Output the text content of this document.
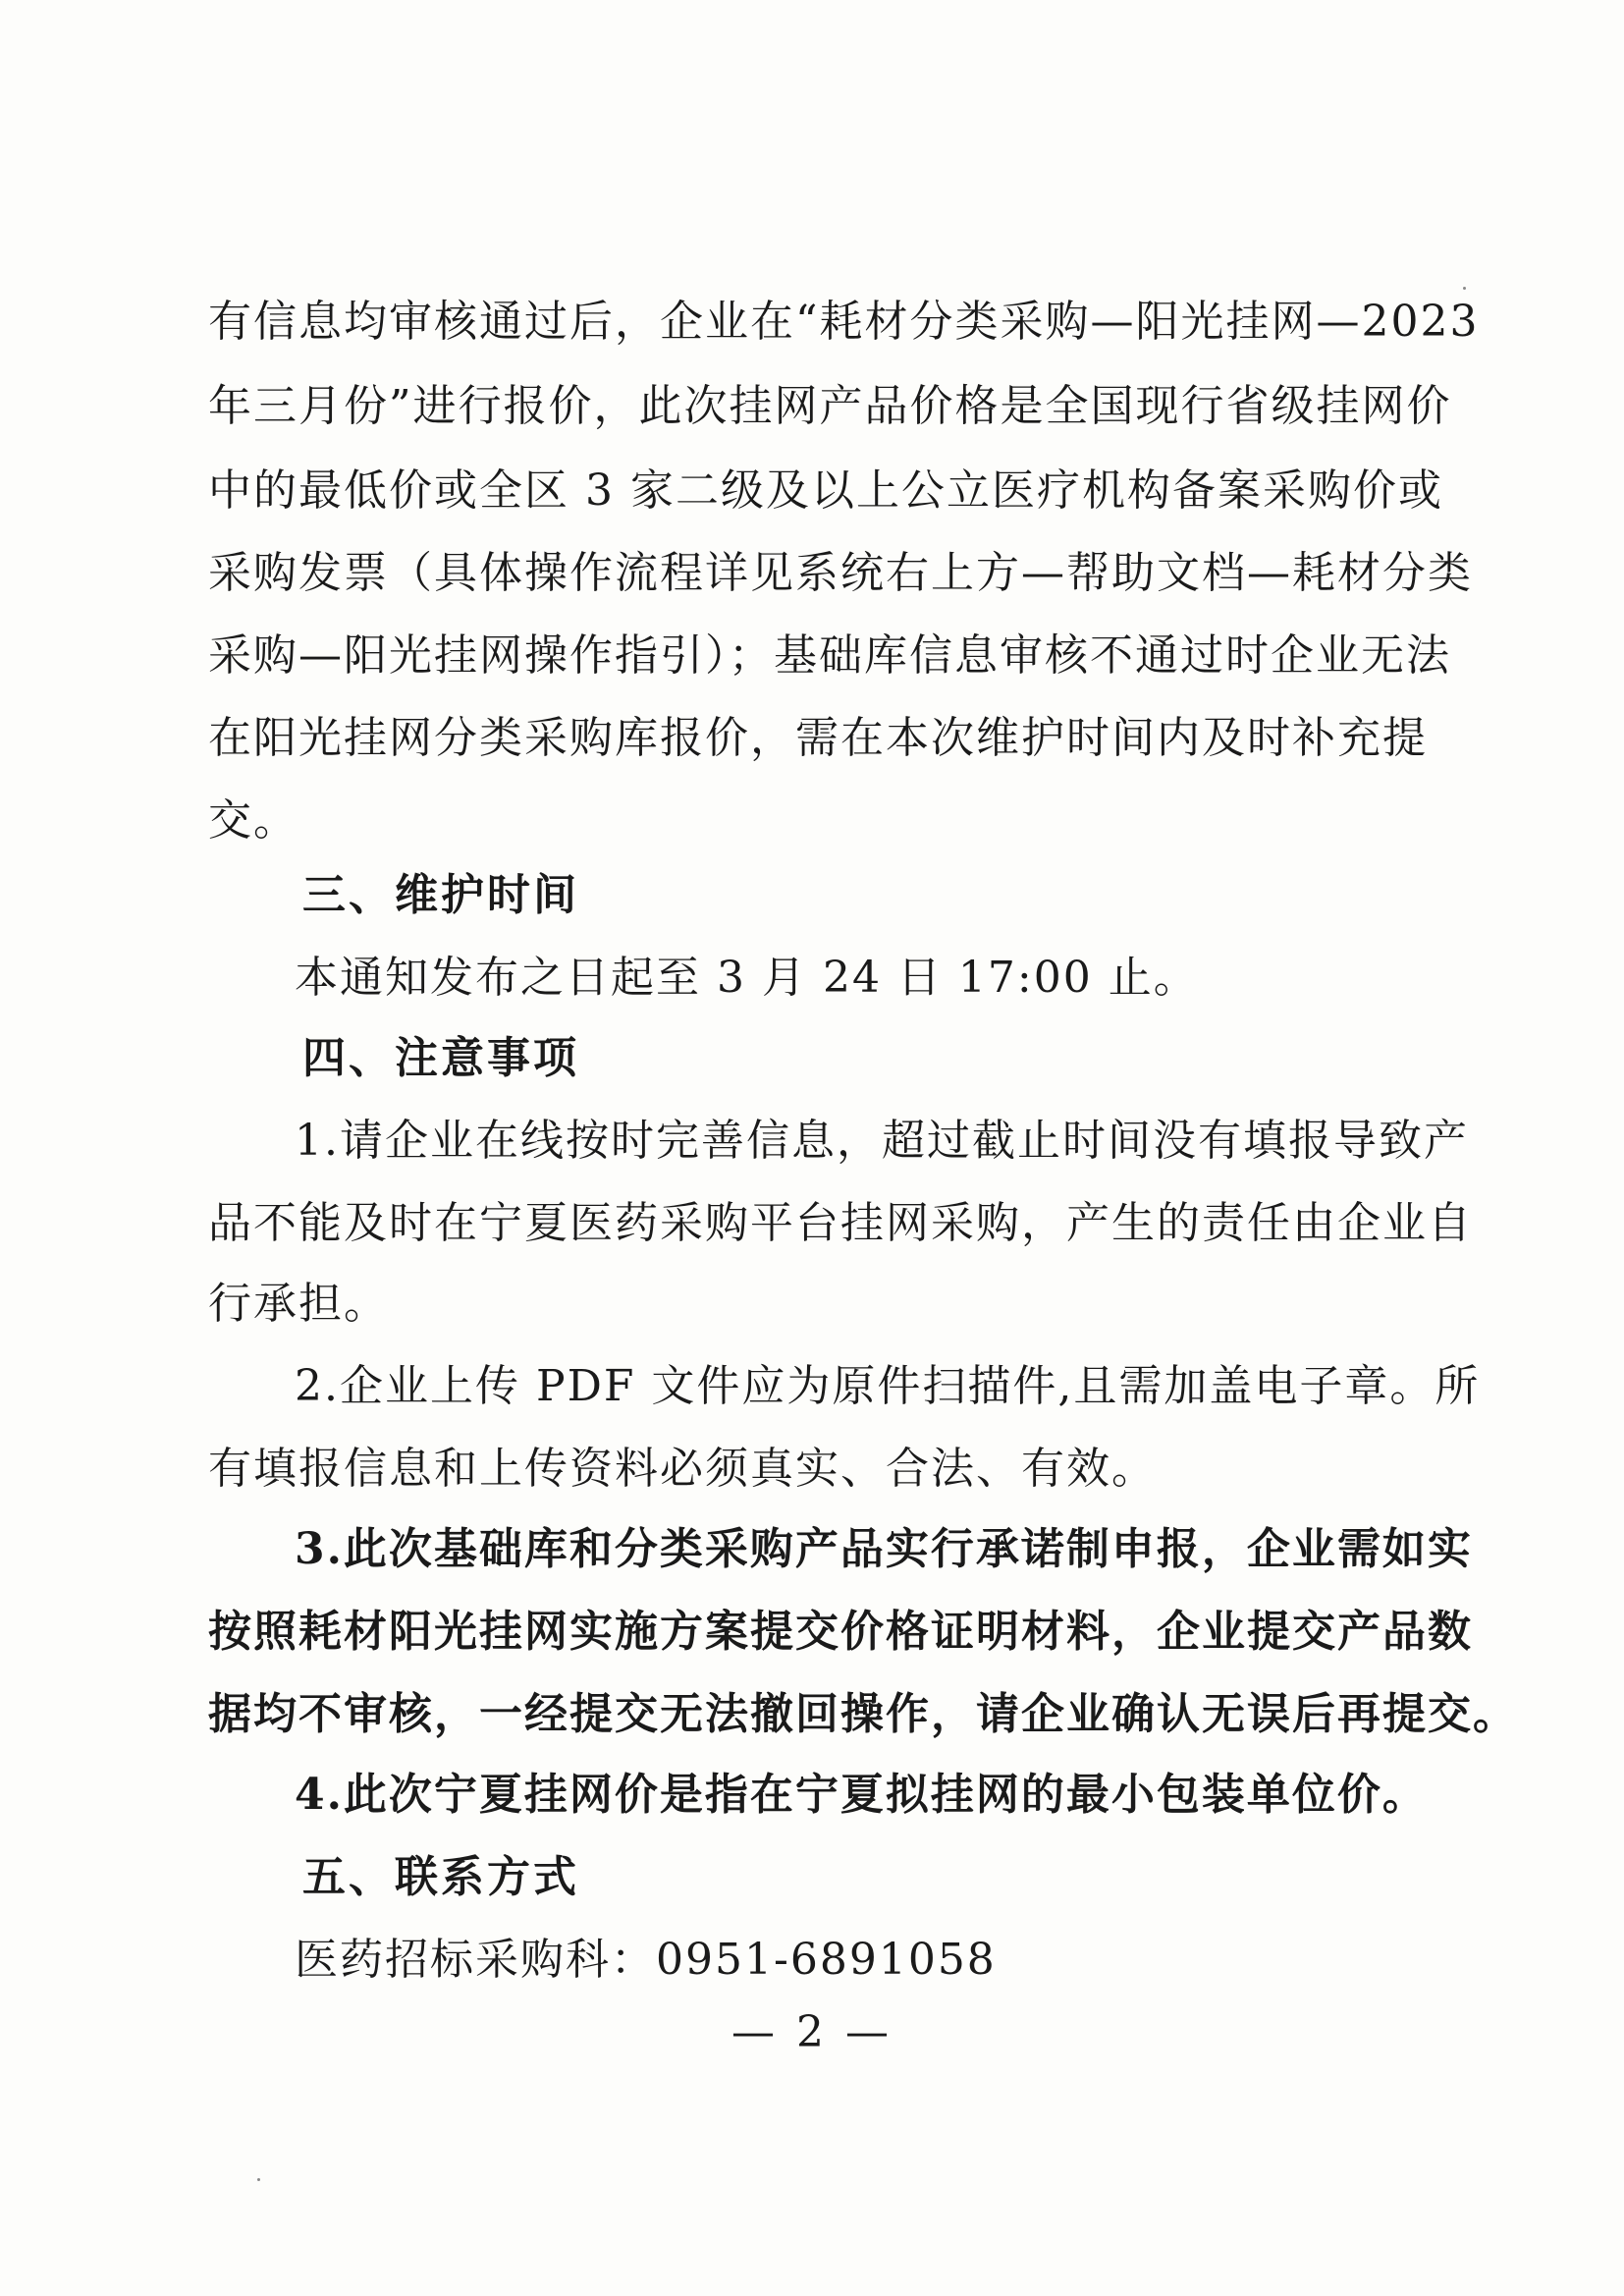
有信息均审核通过后，企业在“耗材分类采购—阳光挂网—2023
年三月份”进行报价，此次挂网产品价格是全国现行省级挂网价
中的最低价或全区 3 家二级及以上公立医疗机构备案采购价或
采购发票（具体操作流程详见系统右上方—帮助文档—耗材分类
采购—阳光挂网操作指引）；基础库信息审核不通过时企业无法
在阳光挂网分类采购库报价，需在本次维护时间内及时补充提
交。
三、维护时间
本通知发布之日起至 3 月 24 日 17:00 止。
四、注意事项
1.请企业在线按时完善信息，超过截止时间没有填报导致产
品不能及时在宁夏医药采购平台挂网采购，产生的责任由企业自
行承担。
2.企业上传 PDF 文件应为原件扫描件,且需加盖电子章。所
有填报信息和上传资料必须真实、合法、有效。
3.此次基础库和分类采购产品实行承诺制申报，企业需如实
按照耗材阳光挂网实施方案提交价格证明材料，企业提交产品数
据均不审核，一经提交无法撤回操作，请企业确认无误后再提交。
4.此次宁夏挂网价是指在宁夏拟挂网的最小包装单位价。
五、联系方式
医药招标采购科：0951-6891058
— 2 —
